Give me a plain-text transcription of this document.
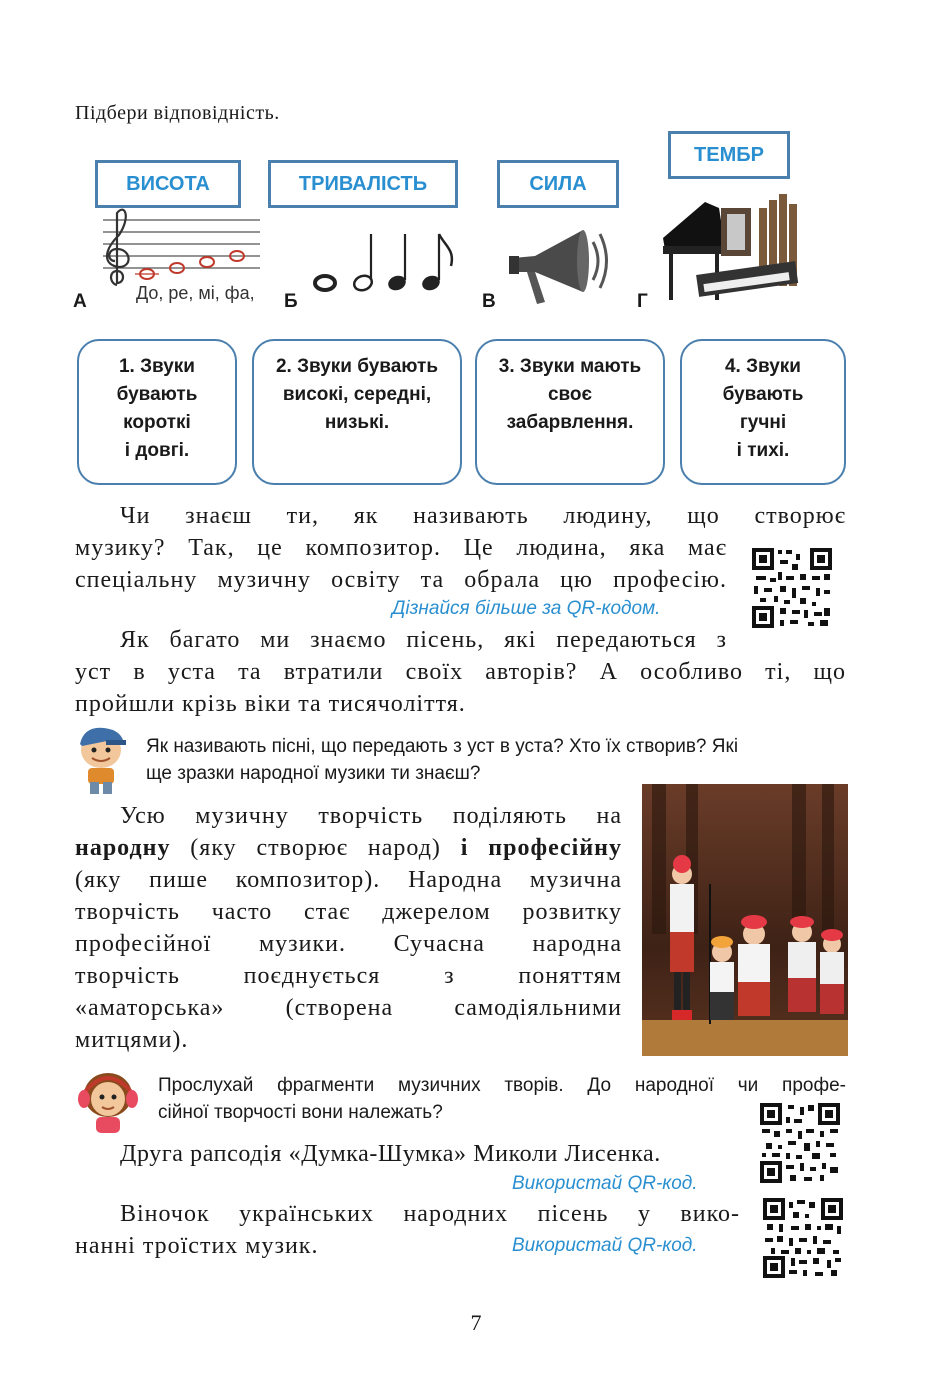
Підбери відповідність.
ВИСОТА	ТРИВАЛІСТЬ	СИЛА
ТЕМБР
До, ре, мі, фа,
А	Б	В	Г
1. Звуки
бувають
короткі
і довгі.
2. Звуки бувають
високі, середні,
низькі.
3. Звуки мають
своє
забарвлення.
4. Звуки
бувають
гучні
і тихі.
Чи знаєш ти, як називають людину, що створює
музику? Так, це композитор. Це людина, яка має
спеціальну музичну освіту та обрала цю професію.
Дізнайся більше за QR-кодом.
Як багато ми знаємо пісень, які передаються з
уст в уста та втратили своїх авторів? А особливо ті, що
пройшли крізь віки та тисячоліття.
Як називають пісні, що передають з уст в уста? Хто їх створив? Які
ще зразки народної музики ти знаєш?
Усю музичну творчість поділяють на
народну (яку створює народ) і професійну
(яку пише композитор). Народна музична
творчість часто стає джерелом розвитку
професійної музики. Сучасна народна
творчість поєднується з поняттям
«аматорська» (створена самодіяльними
митцями).
Прослухай фрагменти музичних творів. До народної чи профе-
сійної творчості вони належать?
Друга рапсодія «Думка-Шумка» Миколи Лисенка.
Використай QR-код.
Віночок українських народних пісень у вико-
нанні троїстих музик.	Використай QR-код.
7
